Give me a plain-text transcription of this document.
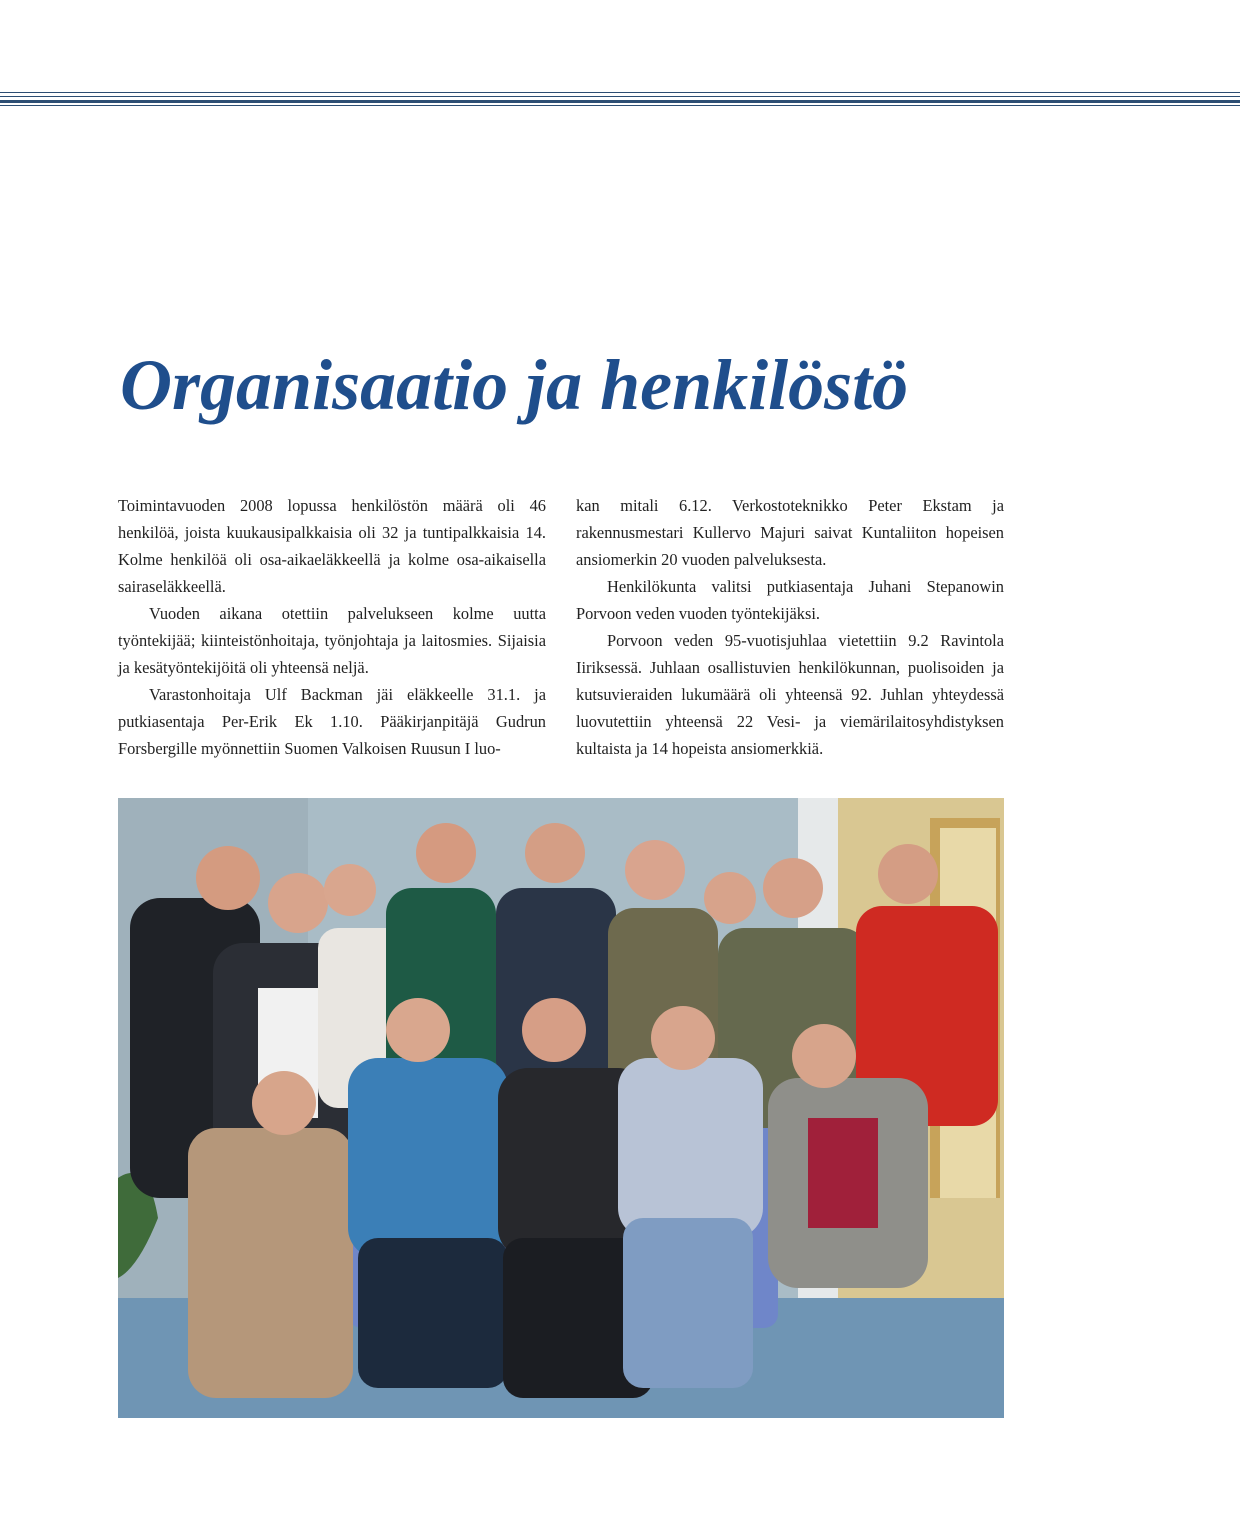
Organisaatio ja henkilöstö

Toimintavuoden 2008 lopussa henkilöstön määrä oli 46 henkilöä, joista kuukausipalkkaisia oli 32 ja tuntipalkkaisia 14. Kolme henkilöä oli osa-aikaeläkkeellä ja kolme osa-aikaisella sairaseläkkeellä.

Vuoden aikana otettiin palvelukseen kolme uutta työntekijää; kiinteistönhoitaja, työnjohtaja ja laitosmies. Sijaisia ja kesätyöntekijöitä oli yhteensä neljä.

Varastonhoitaja Ulf Backman jäi eläkkeelle 31.1. ja putkiasentaja Per-Erik Ek 1.10. Pääkirjanpitäjä Gudrun Forsbergille myönnettiin Suomen Valkoisen Ruusun I luo-

kan mitali 6.12. Verkostoteknikko Peter Ekstam ja rakennusmestari Kullervo Majuri saivat Kuntaliiton hopeisen ansiomerkin 20 vuoden palveluksesta.

Henkilökunta valitsi putkiasentaja Juhani Stepanowin Porvoon veden vuoden työntekijäksi.

Porvoon veden 95-vuotisjuhlaa vietettiin 9.2 Ravintola Iiriksessä. Juhlaan osallistuvien henkilökunnan, puolisoiden ja kutsuvieraiden lukumäärä oli yhteensä 92. Juhlan yhteydessä luovutettiin yhteensä 22 Vesi- ja viemärilaitosyhdistyksen kultaista ja 14 hopeista ansiomerkkiä.
